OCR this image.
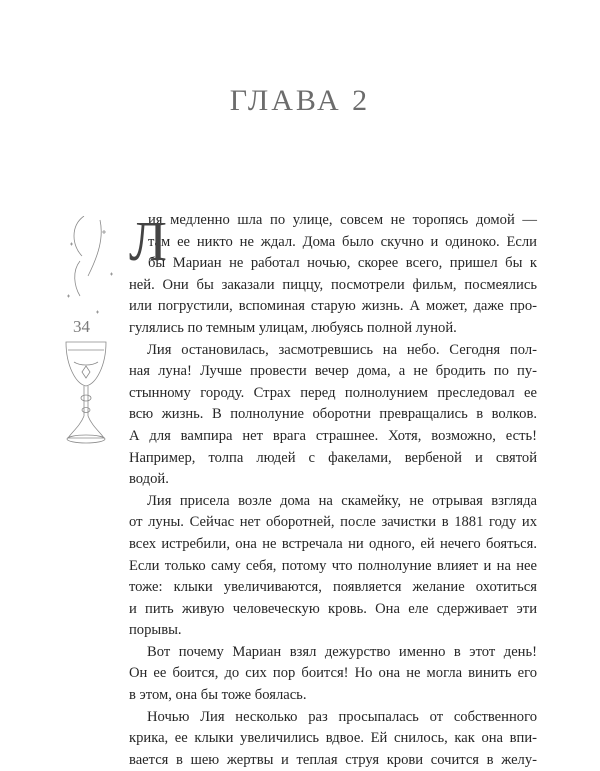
ГЛАВА 2
34
Л
ия медленно шла по улице, совсем не торопясь домой —
там ее никто не ждал. Дома было скучно и одиноко. Если
бы Мариан не работал ночью, скорее всего, пришел бы к
ней. Они бы заказали пиццу, посмотрели фильм, посмеялись
или погрустили, вспоминая старую жизнь. А может, даже про-
гулялись по темным улицам, любуясь полной луной.
Лия остановилась, засмотревшись на небо. Сегодня пол-
ная луна! Лучше провести вечер дома, а не бродить по пу-
стынному городу. Страх перед полнолунием преследовал ее
всю жизнь. В полнолуние оборотни превращались в волков.
А для вампира нет врага страшнее. Хотя, возможно, есть!
Например, толпа людей с факелами, вербеной и святой
водой.
Лия присела возле дома на скамейку, не отрывая взгляда
от луны. Сейчас нет оборотней, после зачистки в 1881 году их
всех истребили, она не встречала ни одного, ей нечего бояться.
Если только саму себя, потому что полнолуние влияет и на нее
тоже: клыки увеличиваются, появляется желание охотиться
и пить живую человеческую кровь. Она еле сдерживает эти
порывы.
Вот почему Мариан взял дежурство именно в этот день!
Он ее боится, до сих пор боится! Но она не могла винить его
в этом, она бы тоже боялась.
Ночью Лия несколько раз просыпалась от собственного
крика, ее клыки увеличились вдвое. Ей снилось, как она впи-
вается в шею жертвы и теплая струя крови сочится в желу-
